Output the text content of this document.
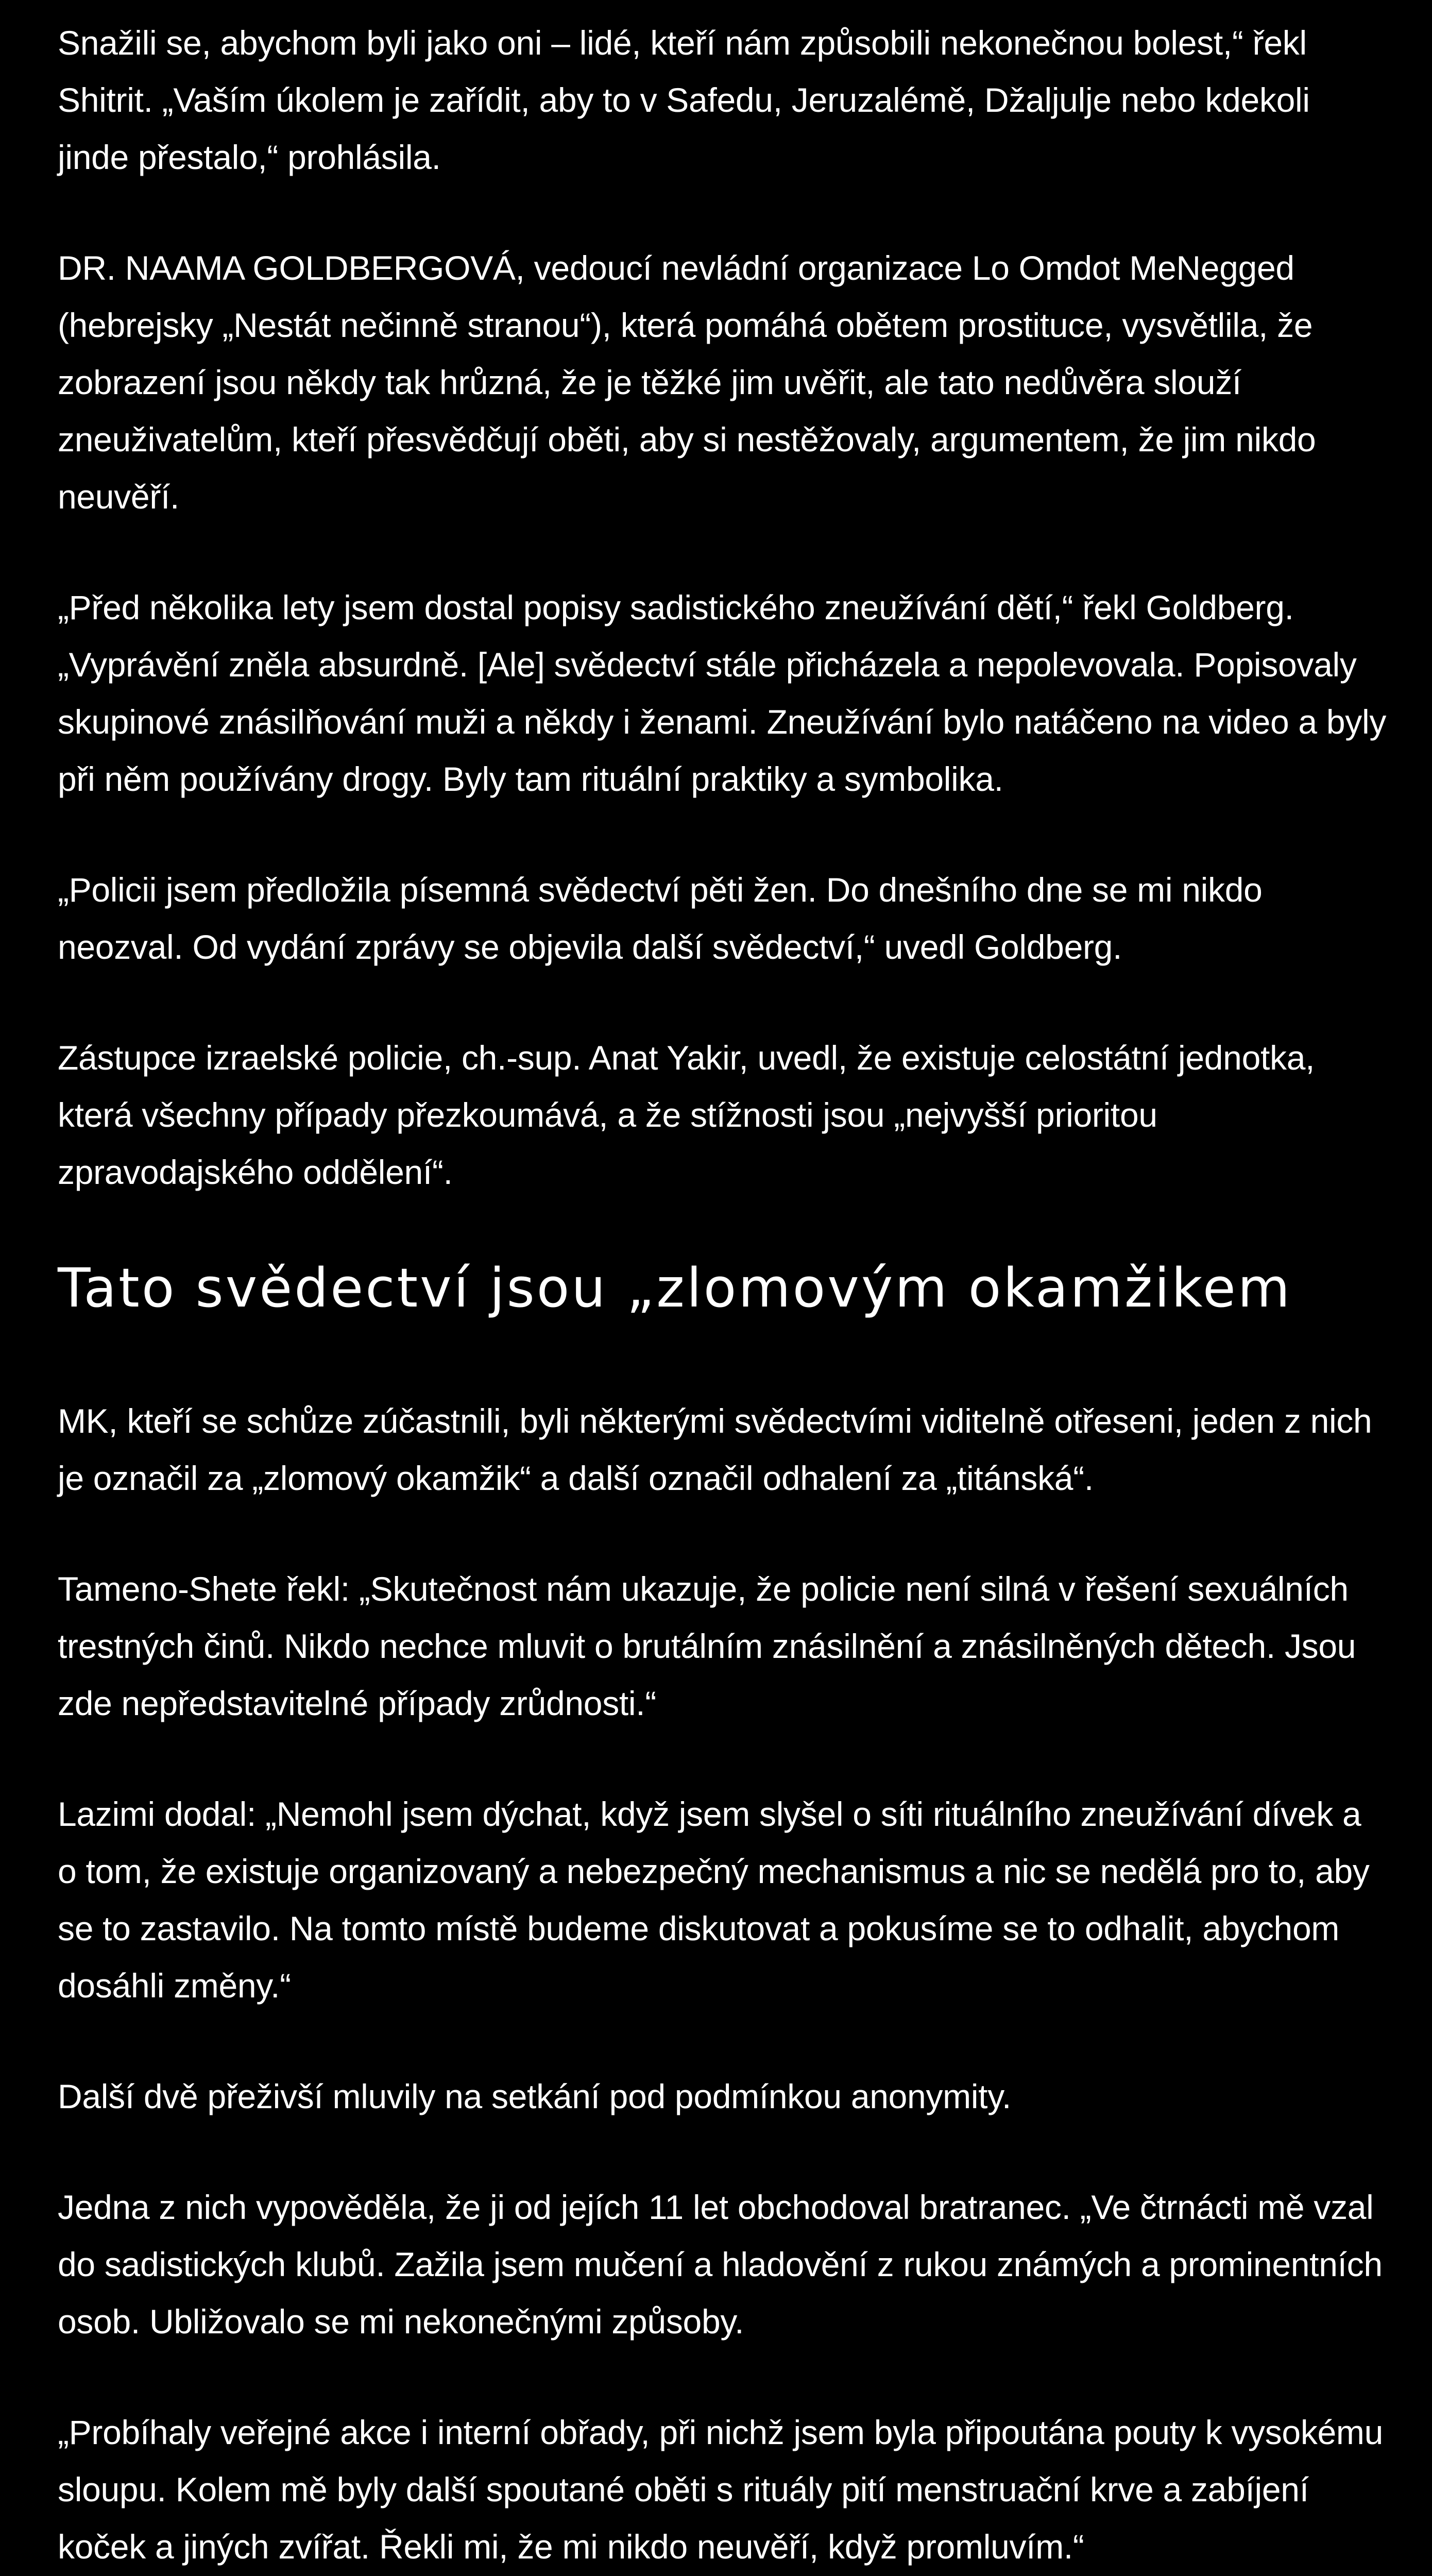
Snažili se, abychom byli jako oni – lidé, kteří nám způsobili nekonečnou bolest,“ řekl Shitrit. „Vaším úkolem je zařídit, aby to v Safedu, Jeruzalémě, Džaljulje nebo kdekoli jinde přestalo,“ prohlásila.

DR. NAAMA GOLDBERGOVÁ, vedoucí nevládní organizace Lo Omdot MeNegged (hebrejsky „Nestát nečinně stranou“), která pomáhá obětem prostituce, vysvětlila, že zobrazení jsou někdy tak hrůzná, že je těžké jim uvěřit, ale tato nedůvěra slouží zneuživatelům, kteří přesvědčují oběti, aby si nestěžovaly, argumentem, že jim nikdo neuvěří.

„Před několika lety jsem dostal popisy sadistického zneužívání dětí,“ řekl Goldberg. „Vyprávění zněla absurdně. [Ale] svědectví stále přicházela a nepolevovala. Popisovaly skupinové znásilňování muži a někdy i ženami. Zneužívání bylo natáčeno na video a byly při něm používány drogy. Byly tam rituální praktiky a symbolika.

„Policii jsem předložila písemná svědectví pěti žen. Do dnešního dne se mi nikdo neozval. Od vydání zprávy se objevila další svědectví,“ uvedl Goldberg.

Zástupce izraelské policie, ch.-sup. Anat Yakir, uvedl, že existuje celostátní jednotka, která všechny případy přezkoumává, a že stížnosti jsou „nejvyšší prioritou zpravodajského oddělení“.

Tato svědectví jsou „zlomovým okamžikem

MK, kteří se schůze zúčastnili, byli některými svědectvími viditelně otřeseni, jeden z nich je označil za „zlomový okamžik“ a další označil odhalení za „titánská“.

Tameno-Shete řekl: „Skutečnost nám ukazuje, že policie není silná v řešení sexuálních trestných činů. Nikdo nechce mluvit o brutálním znásilnění a znásilněných dětech. Jsou zde nepředstavitelné případy zrůdnosti.“

Lazimi dodal: „Nemohl jsem dýchat, když jsem slyšel o síti rituálního zneužívání dívek a o tom, že existuje organizovaný a nebezpečný mechanismus a nic se nedělá pro to, aby se to zastavilo. Na tomto místě budeme diskutovat a pokusíme se to odhalit, abychom dosáhli změny.“

Další dvě přeživší mluvily na setkání pod podmínkou anonymity.

Jedna z nich vypověděla, že ji od jejích 11 let obchodoval bratranec. „Ve čtrnácti mě vzal do sadistických klubů. Zažila jsem mučení a hladovění z rukou známých a prominentních osob. Ubližovalo se mi nekonečnými způsoby.

„Probíhaly veřejné akce i interní obřady, při nichž jsem byla připoutána pouty k vysokému sloupu. Kolem mě byly další spoutané oběti s rituály pití menstruační krve a zabíjení koček a jiných zvířat. Řekli mi, že mi nikdo neuvěří, když promluvím.“
